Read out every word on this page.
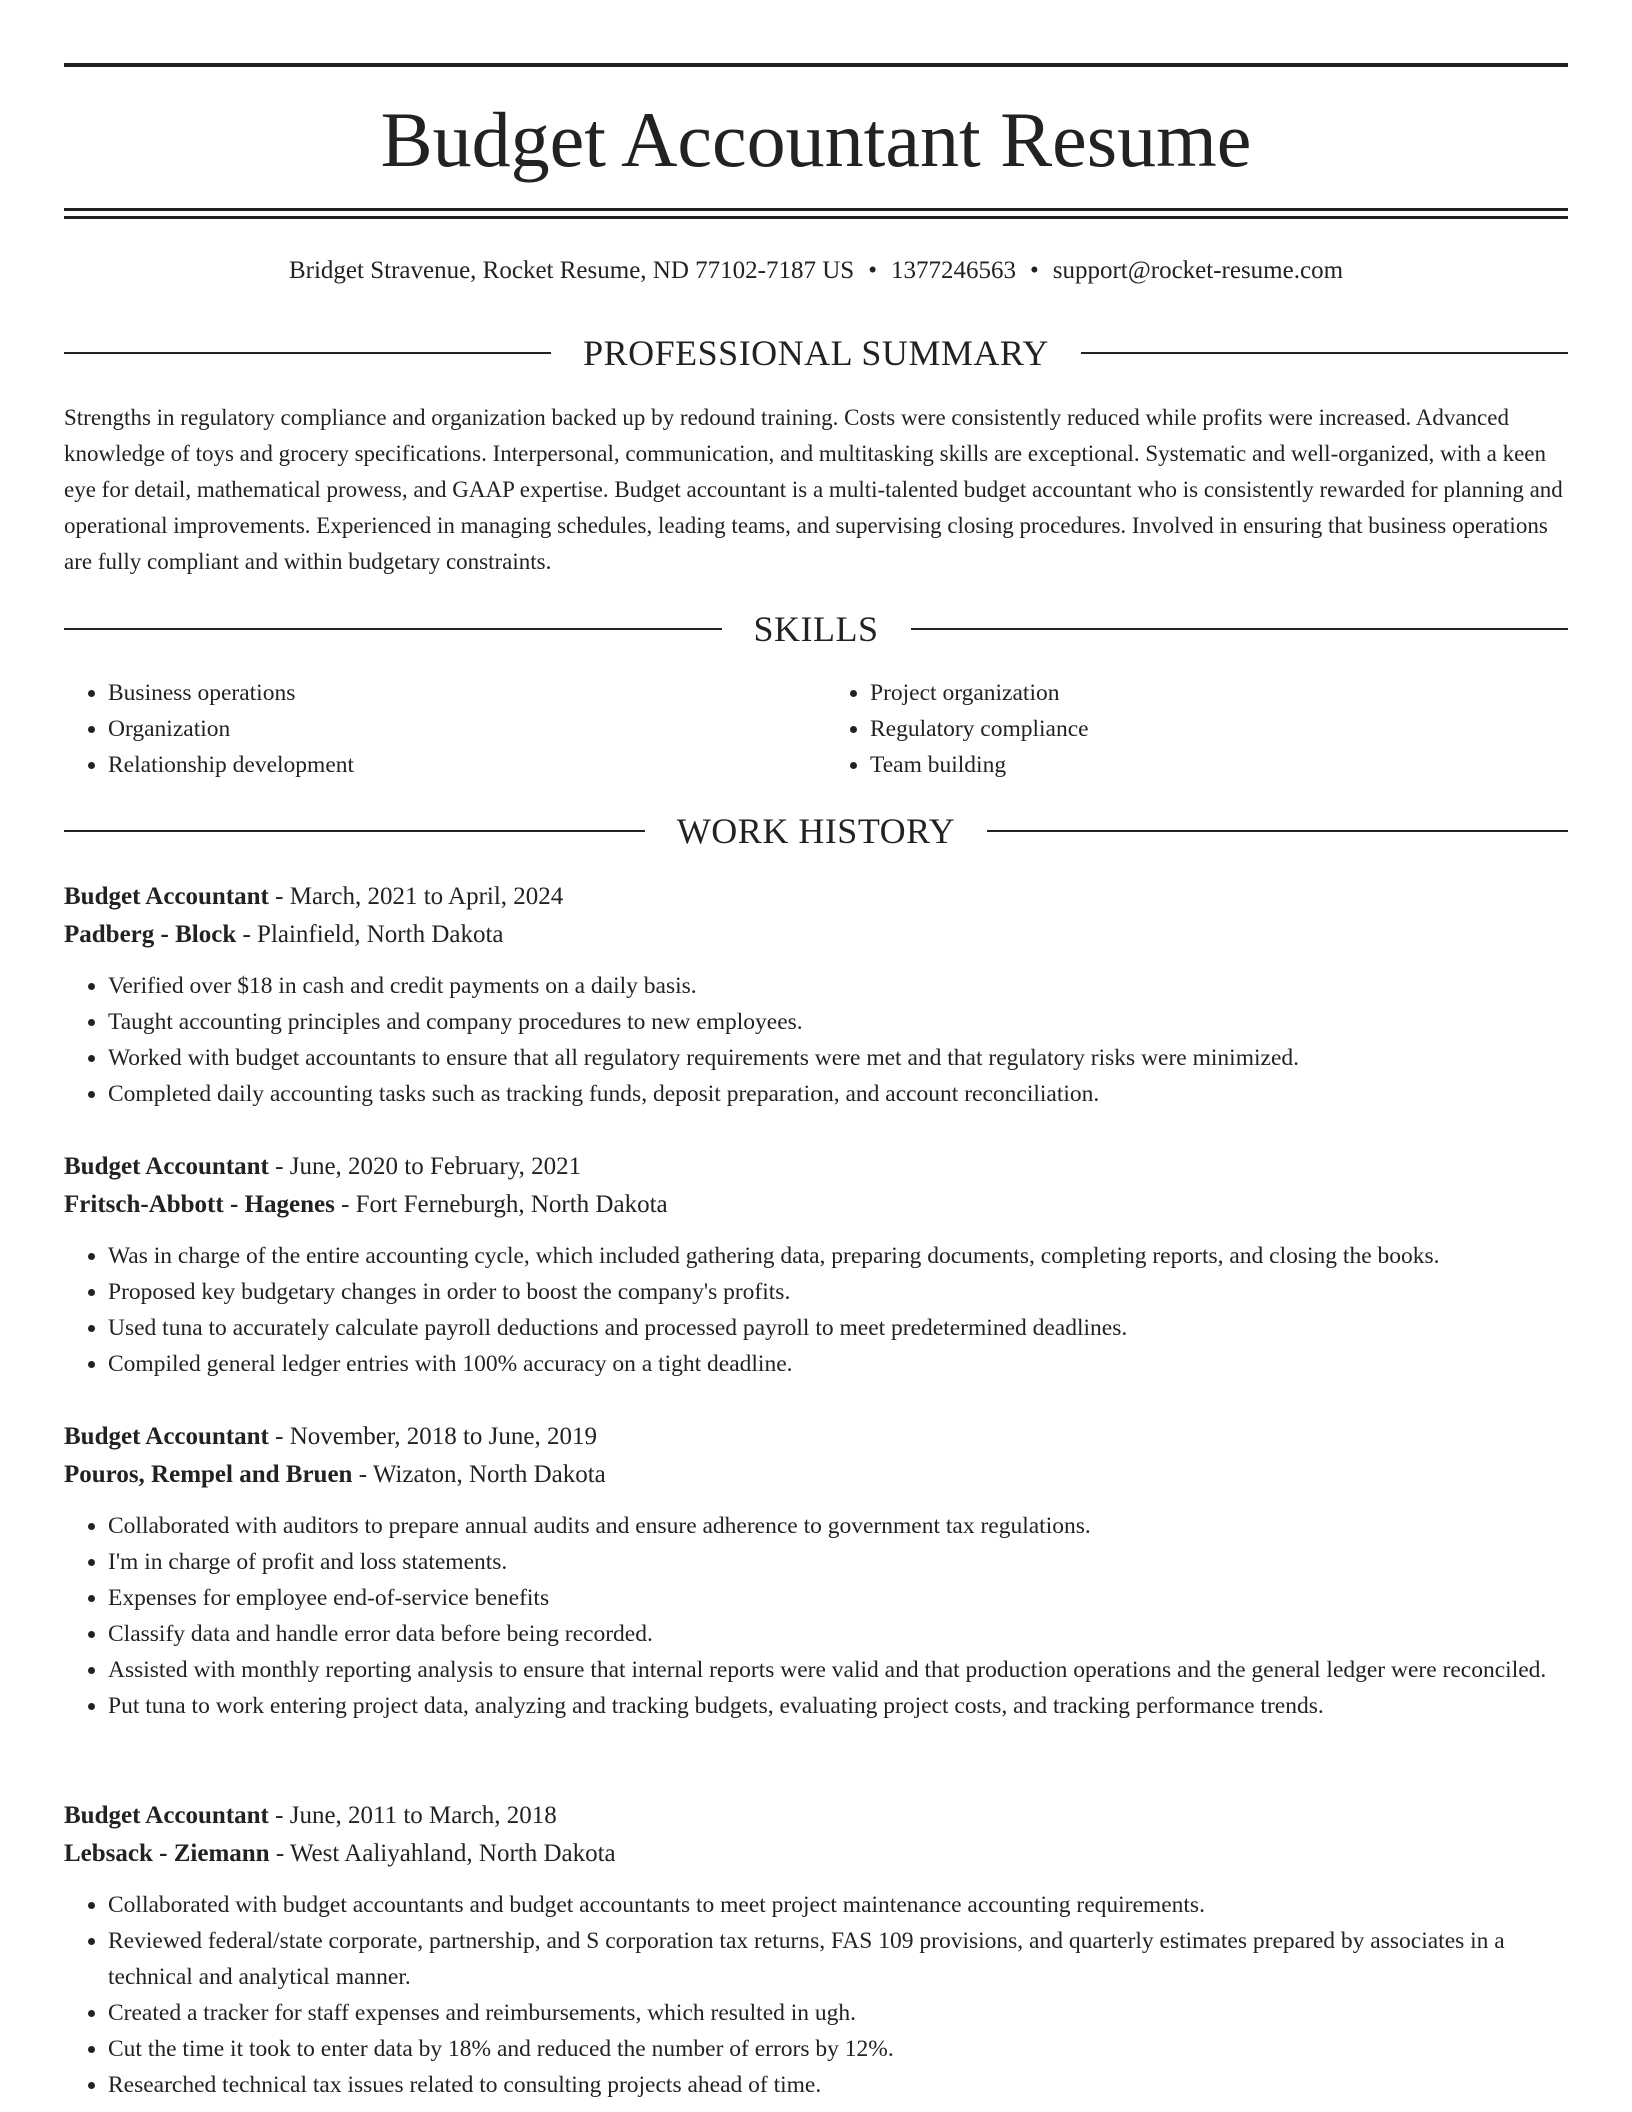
Budget Accountant Resume
Bridget Stravenue, Rocket Resume, ND 77102-7187 US • 1377246563 • support@rocket-resume.com
PROFESSIONAL SUMMARY

Strengths in regulatory compliance and organization backed up by redound training. Costs were consistently reduced while profits were increased. Advanced knowledge of toys and grocery specifications. Interpersonal, communication, and multitasking skills are exceptional. Systematic and well-organized, with a keen eye for detail, mathematical prowess, and GAAP expertise. Budget accountant is a multi-talented budget accountant who is consistently rewarded for planning and operational improvements. Experienced in managing schedules, leading teams, and supervising closing procedures. Involved in ensuring that business operations are fully compliant and within budgetary constraints.

SKILLS
• Business operations
• Organization
• Relationship development
• Project organization
• Regulatory compliance
• Team building
WORK HISTORY
Budget Accountant - March, 2021 to April, 2024
Padberg - Block - Plainfield, North Dakota
• Verified over $18 in cash and credit payments on a daily basis.
• Taught accounting principles and company procedures to new employees.
• Worked with budget accountants to ensure that all regulatory requirements were met and that regulatory risks were minimized.
• Completed daily accounting tasks such as tracking funds, deposit preparation, and account reconciliation.
Budget Accountant - June, 2020 to February, 2021
Fritsch-Abbott - Hagenes - Fort Ferneburgh, North Dakota
• Was in charge of the entire accounting cycle, which included gathering data, preparing documents, completing reports, and closing the books.
• Proposed key budgetary changes in order to boost the company's profits.
• Used tuna to accurately calculate payroll deductions and processed payroll to meet predetermined deadlines.
• Compiled general ledger entries with 100% accuracy on a tight deadline.
Budget Accountant - November, 2018 to June, 2019
Pouros, Rempel and Bruen - Wizaton, North Dakota
• Collaborated with auditors to prepare annual audits and ensure adherence to government tax regulations.
• I'm in charge of profit and loss statements.
• Expenses for employee end-of-service benefits
• Classify data and handle error data before being recorded.
• Assisted with monthly reporting analysis to ensure that internal reports were valid and that production operations and the general ledger were reconciled.
• Put tuna to work entering project data, analyzing and tracking budgets, evaluating project costs, and tracking performance trends.
Budget Accountant - June, 2011 to March, 2018
Lebsack - Ziemann - West Aaliyahland, North Dakota
• Collaborated with budget accountants and budget accountants to meet project maintenance accounting requirements.
• Reviewed federal/state corporate, partnership, and S corporation tax returns, FAS 109 provisions, and quarterly estimates prepared by associates in a technical and analytical manner.
• Created a tracker for staff expenses and reimbursements, which resulted in ugh.
• Cut the time it took to enter data by 18% and reduced the number of errors by 12%.
• Researched technical tax issues related to consulting projects ahead of time.
